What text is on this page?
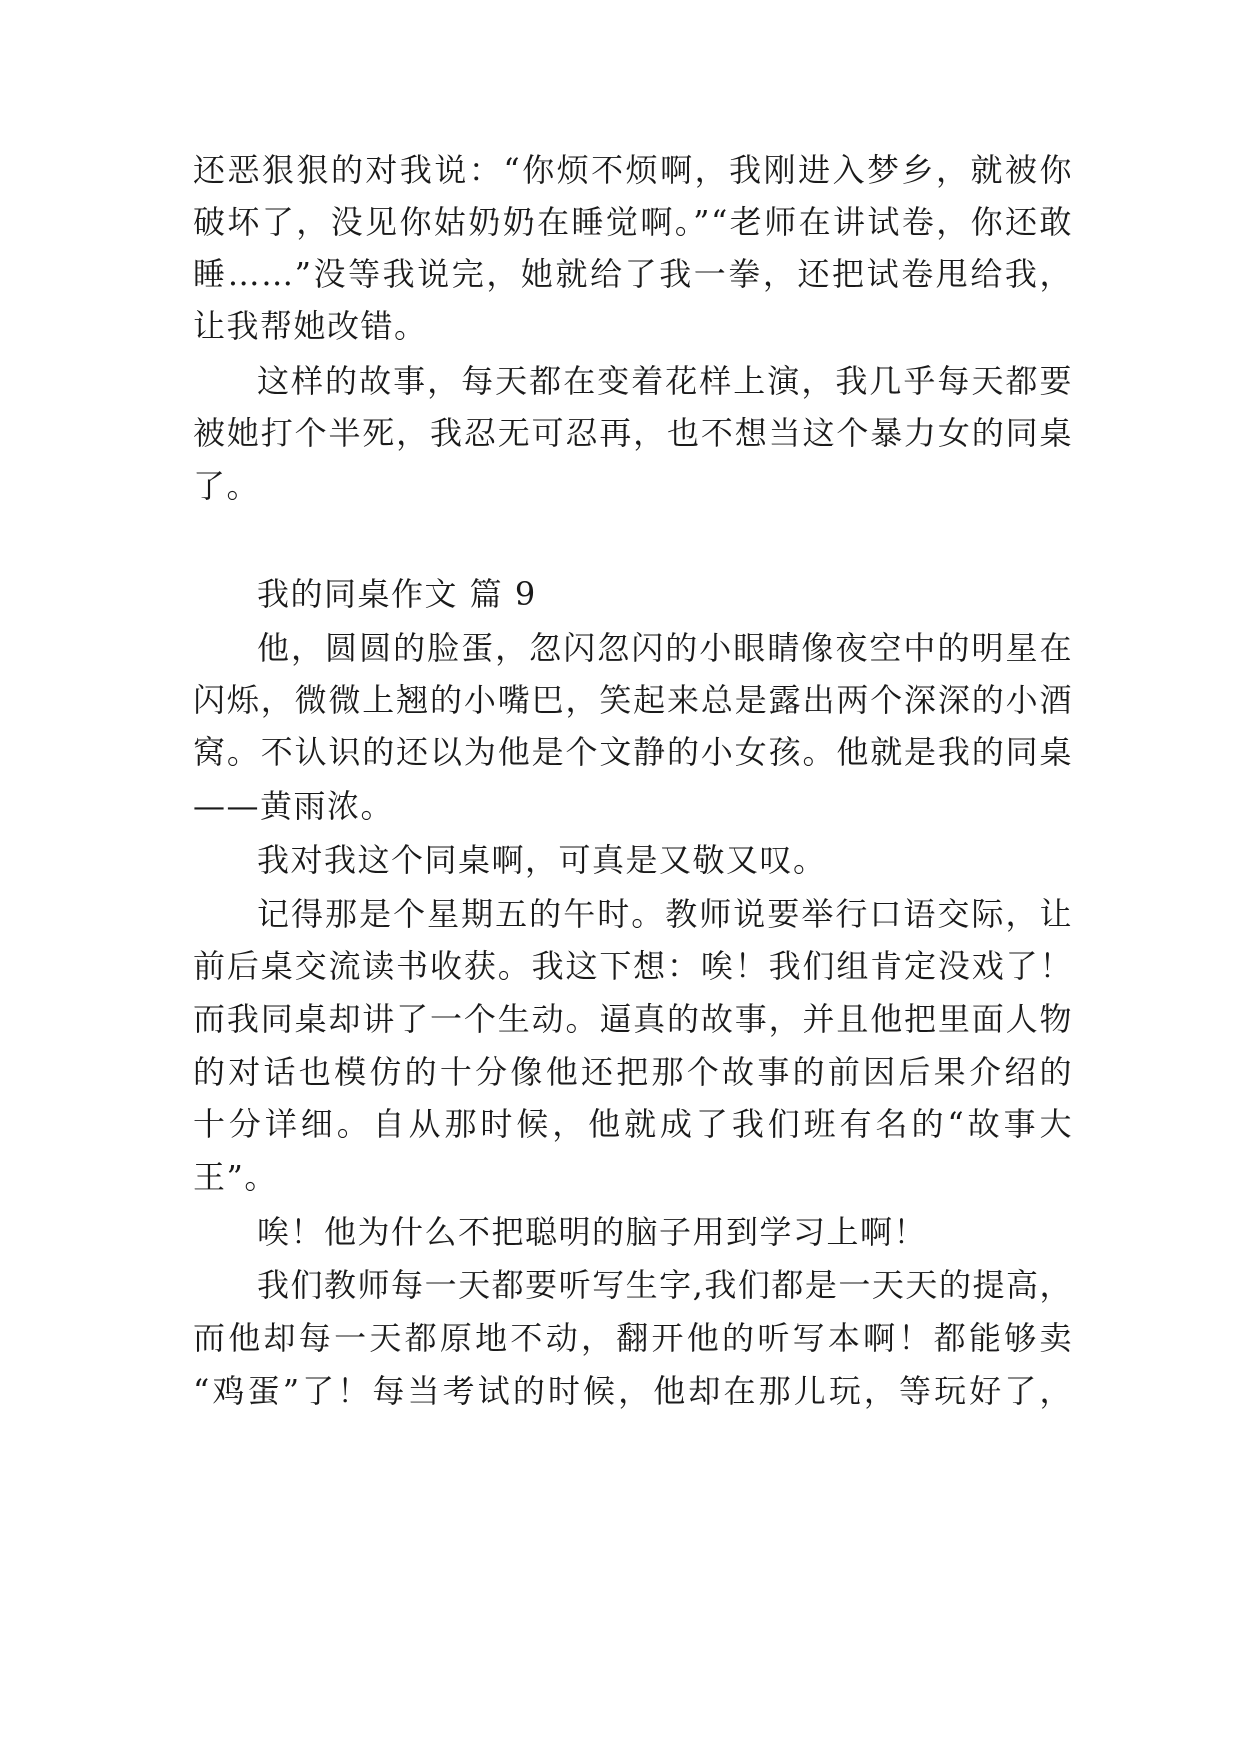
还恶狠狠的对我说：“你烦不烦啊，我刚进入梦乡，就被你
破坏了，没见你姑奶奶在睡觉啊。”“老师在讲试卷，你还敢
睡……”没等我说完，她就给了我一拳，还把试卷甩给我，
让我帮她改错。
这样的故事，每天都在变着花样上演，我几乎每天都要
被她打个半死，我忍无可忍再，也不想当这个暴力女的同桌
了。
我的同桌作文 篇 9
他，圆圆的脸蛋，忽闪忽闪的小眼睛像夜空中的明星在
闪烁，微微上翘的小嘴巴，笑起来总是露出两个深深的小酒
窝。不认识的还以为他是个文静的小女孩。他就是我的同桌
——黄雨浓。
我对我这个同桌啊，可真是又敬又叹。
记得那是个星期五的午时。教师说要举行口语交际，让
前后桌交流读书收获。我这下想：唉！我们组肯定没戏了！
而我同桌却讲了一个生动。逼真的故事，并且他把里面人物
的对话也模仿的十分像他还把那个故事的前因后果介绍的
十分详细。自从那时候，他就成了我们班有名的“故事大
王”。
唉！他为什么不把聪明的脑子用到学习上啊！
我们教师每一天都要听写生字,我们都是一天天的提高，
而他却每一天都原地不动，翻开他的听写本啊！都能够卖
“鸡蛋”了！每当考试的时候，他却在那儿玩，等玩好了，
